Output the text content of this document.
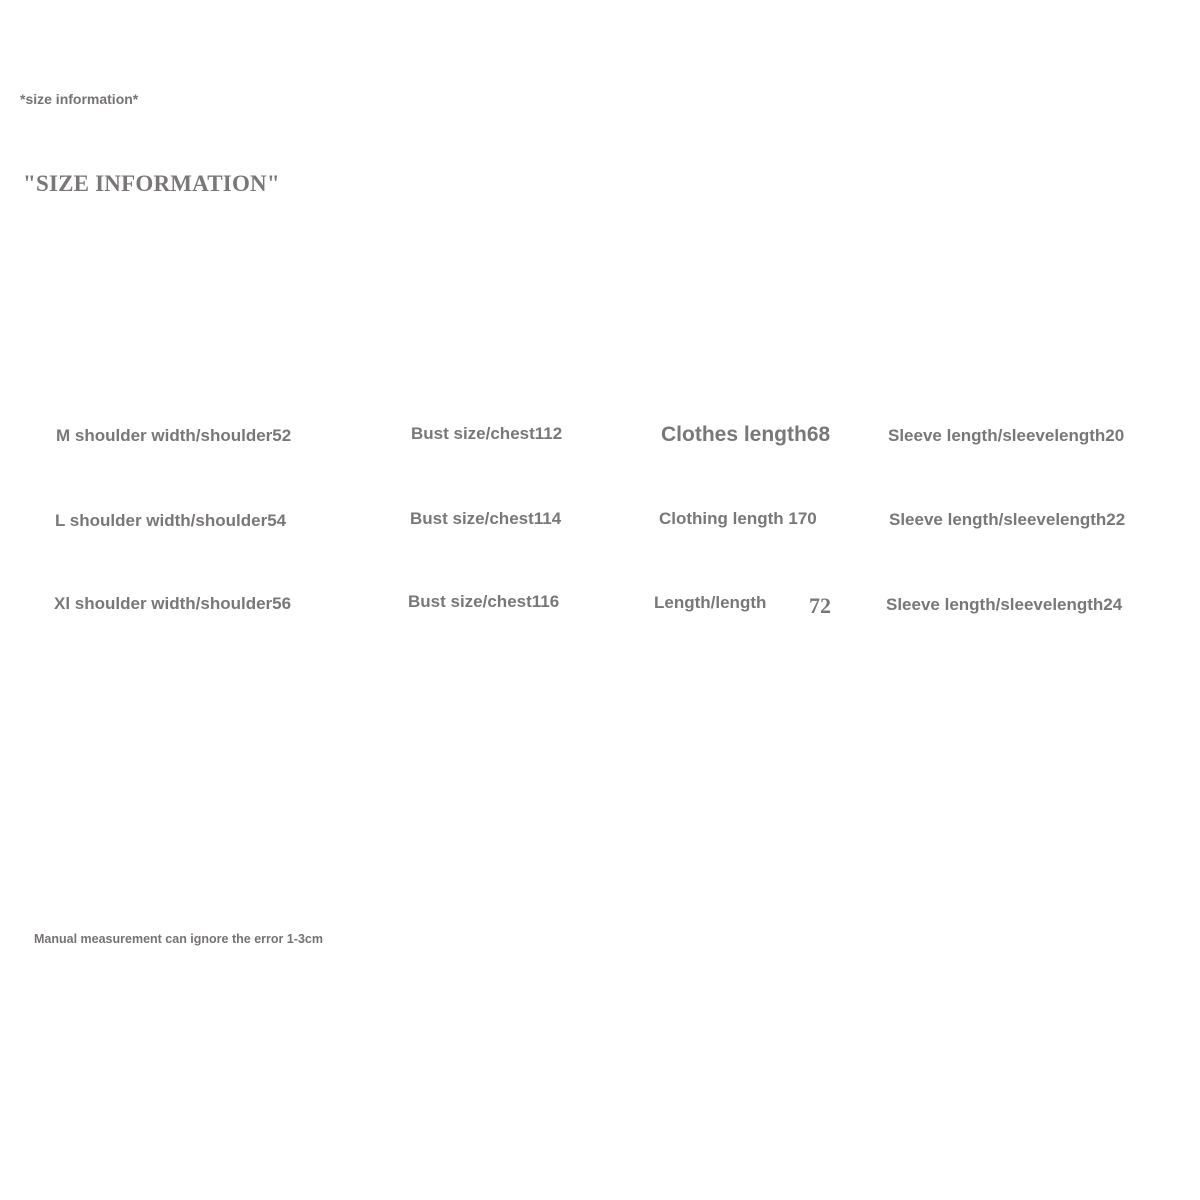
*size information*
"SIZE INFORMATION"
M shoulder width/shoulder52	Bust size/chest112	Clothes length68	Sleeve length/sleevelength20
L shoulder width/shoulder54	Bust size/chest114	Clothing length 170	Sleeve length/sleevelength22
Xl shoulder width/shoulder56	Bust size/chest116	Length/length 72	Sleeve length/sleevelength24
Manual measurement can ignore the error 1-3cm
